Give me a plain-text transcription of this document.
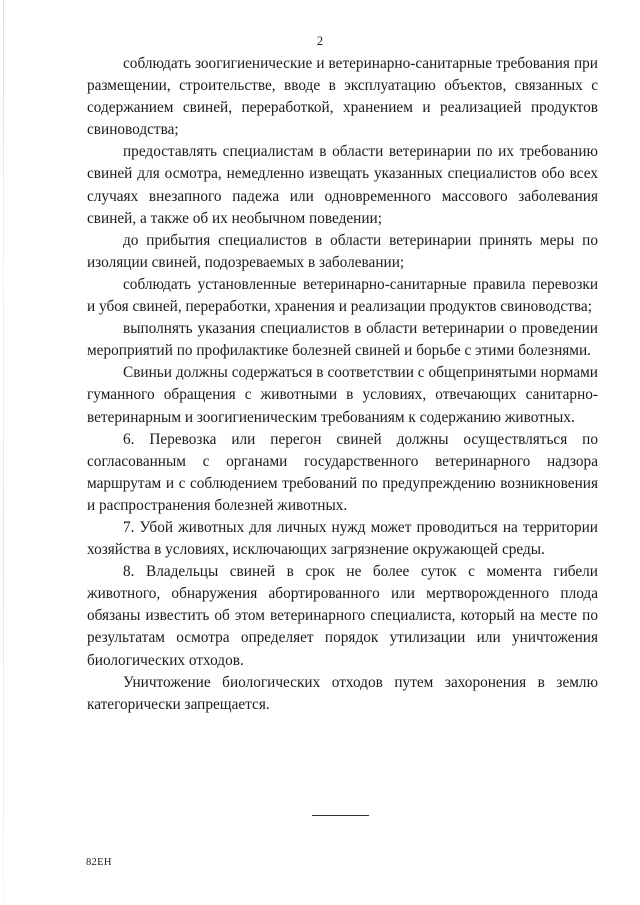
2

соблюдать зоогигиенические и ветеринарно-санитарные требования при размещении, строительстве, вводе в эксплуатацию объектов, связанных с содержанием свиней, переработкой, хранением и реализацией продуктов свиноводства;

предоставлять специалистам в области ветеринарии по их требованию свиней для осмотра, немедленно извещать указанных специалистов обо всех случаях внезапного падежа или одновременного массового заболевания свиней, а также об их необычном поведении;

до прибытия специалистов в области ветеринарии принять меры по изоляции свиней, подозреваемых в заболевании;

соблюдать установленные ветеринарно-санитарные правила перевозки и убоя свиней, переработки, хранения и реализации продуктов свиноводства;

выполнять указания специалистов в области ветеринарии о проведении мероприятий по профилактике болезней свиней и борьбе с этими болезнями.

Свиньи должны содержаться в соответствии с общепринятыми нормами гуманного обращения с животными в условиях, отвечающих санитарно-ветеринарным и зоогигиеническим требованиям к содержанию животных.

6. Перевозка или перегон свиней должны осуществляться по согласованным с органами государственного ветеринарного надзора маршрутам и с соблюдением требований по предупреждению возникновения и распространения болезней животных.

7. Убой животных для личных нужд может проводиться на территории хозяйства в условиях, исключающих загрязнение окружающей среды.

8. Владельцы свиней в срок не более суток с момента гибели животного, обнаружения абортированного или мертворожденного плода обязаны известить об этом ветеринарного специалиста, который на месте по результатам осмотра определяет порядок утилизации или уничтожения биологических отходов.

Уничтожение биологических отходов путем захоронения в землю категорически запрещается.

82ЕН
